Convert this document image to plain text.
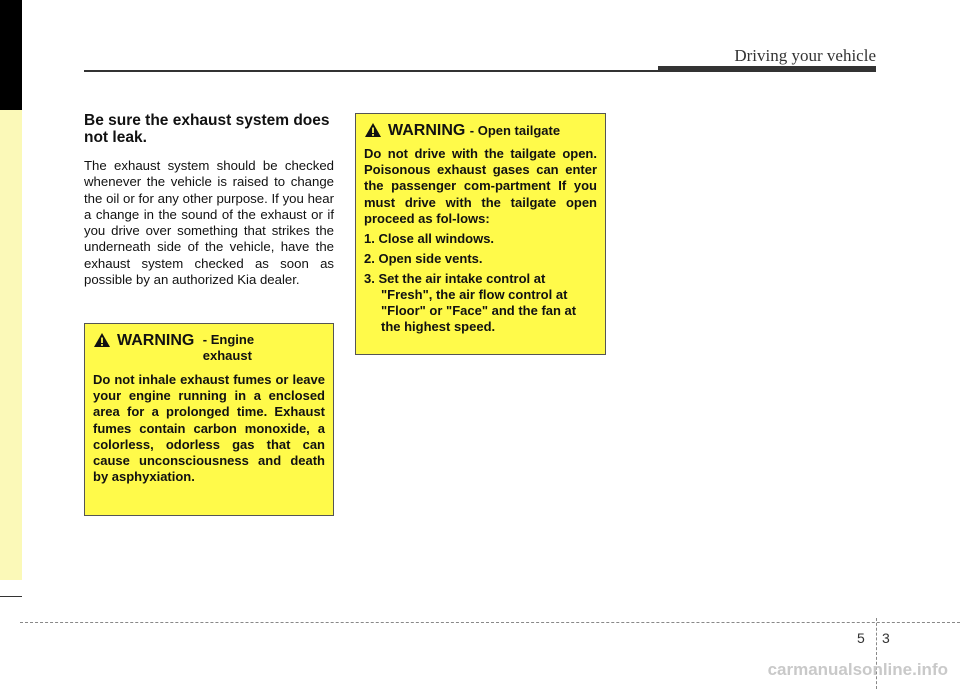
Driving your vehicle
Be sure the exhaust system does not leak.

The exhaust system should be checked whenever the vehicle is raised to change the oil or for any other purpose. If you hear a change in the sound of the exhaust or if you drive over something that strikes the underneath side of the vehicle, have the exhaust system checked as soon as possible by an authorized Kia dealer.

WARNING - Engine exhaust

Do not inhale exhaust fumes or leave your engine running in a enclosed area for a prolonged time. Exhaust fumes contain carbon monoxide, a colorless, odorless gas that can cause unconsciousness and death by asphyxiation.

WARNING - Open tailgate

Do not drive with the tailgate open. Poisonous exhaust gases can enter the passenger com-partment If you must drive with the tailgate open proceed as fol-lows:

1. Close all windows.
2. Open side vents.
3. Set the air intake control at "Fresh", the air flow control at "Floor" or "Face" and the fan at the highest speed.
5 3
carmanualsonline.info
